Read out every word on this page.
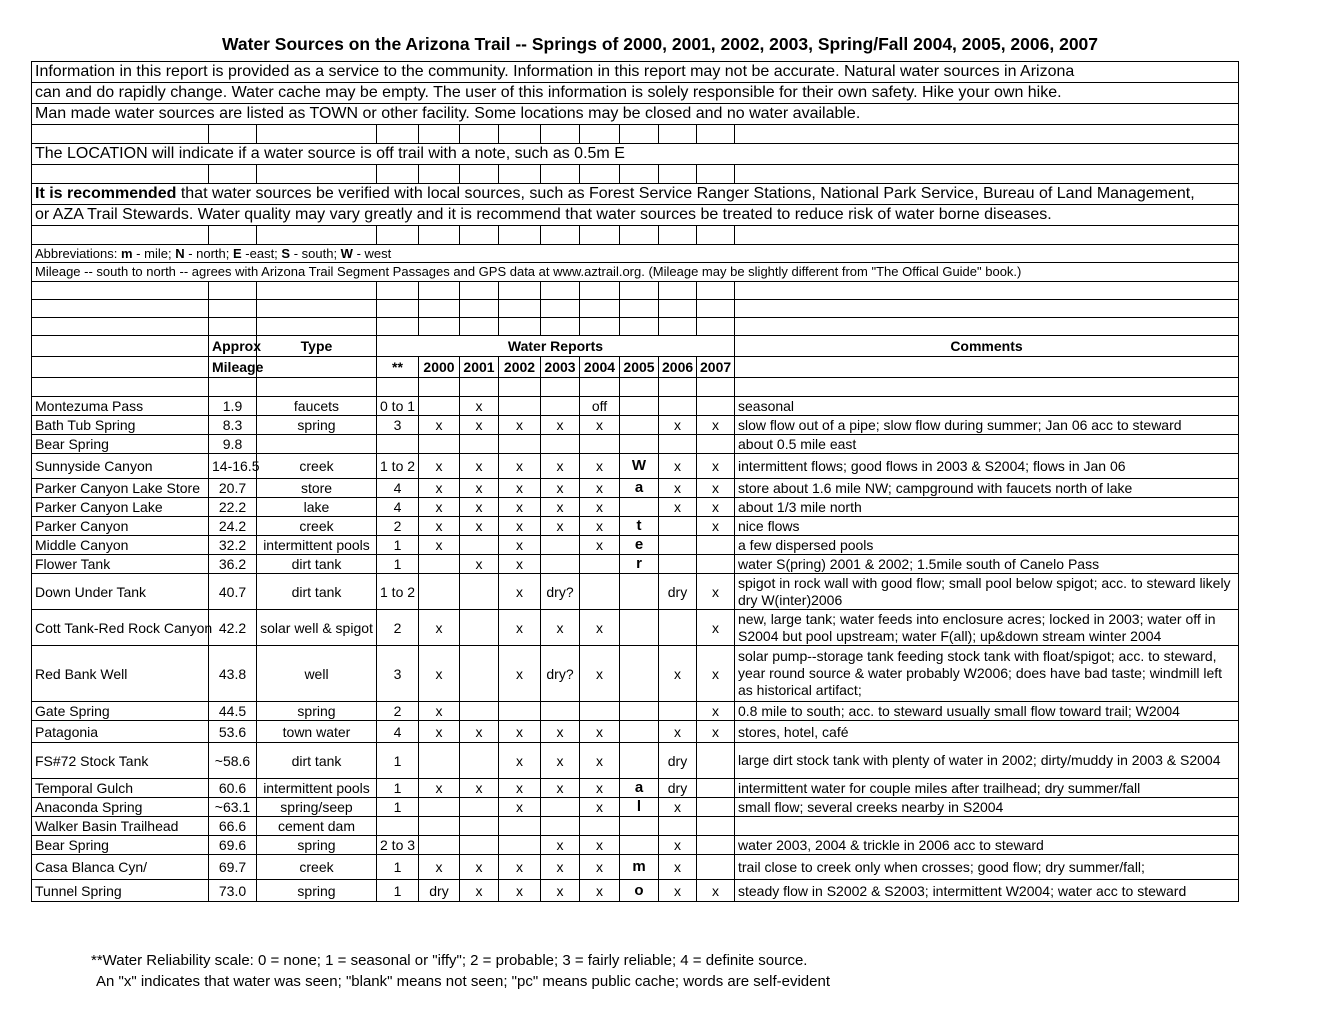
Water Sources on the Arizona Trail -- Springs of 2000, 2001, 2002, 2003, Spring/Fall 2004, 2005, 2006, 2007
Information in this report is provided as a service to the community. Information in this report may not be accurate. Natural water sources in Arizona												
can and do rapidly change. Water cache may be empty. The user of this information is solely responsible for their own safety. Hike your own hike.												
Man made water sources are listed as TOWN or other facility. Some locations may be closed and no water available.												

The LOCATION will indicate if a water source is off trail with a note, such as 0.5m E												

It is recommended that water sources be verified with local sources, such as Forest Service Ranger Stations, National Park Service, Bureau of Land Management,												
or AZA Trail Stewards. Water quality may vary greatly and it is recommend that water sources be treated to reduce risk of water borne diseases.												

Abbreviations: m - mile; N - north; E -east; S - south; W - west												
Mileage -- south to north -- agrees with Arizona Trail Segment Passages and GPS data at www.aztrail.org. (Mileage may be slightly different from "The Offical Guide" book.)												

	Approx	Type	Water Reports									Comments
	Mileage		**	2000	2001	2002	2003	2004	2005	2006	2007	

Montezuma Pass	1.9	faucets	0 to 1		x			off				seasonal
Bath Tub Spring	8.3	spring	3	x	x	x	x	x		x	x	slow flow out of a pipe; slow flow during summer; Jan 06 acc to steward
Bear Spring	9.8											about 0.5 mile east
Sunnyside Canyon	14-16.5	creek	1 to 2	x	x	x	x	x	W	x	x	intermittent flows; good flows in 2003 & S2004; flows in Jan 06
Parker Canyon Lake Store	20.7	store	4	x	x	x	x	x	a	x	x	store about 1.6 mile NW; campground with faucets north of lake
Parker Canyon Lake	22.2	lake	4	x	x	x	x	x		x	x	about 1/3 mile north
Parker Canyon	24.2	creek	2	x	x	x	x	x	t		x	nice flows
Middle Canyon	32.2	intermittent pools	1	x		x		x	e			a few dispersed pools
Flower Tank	36.2	dirt tank	1		x	x			r			water S(pring) 2001 & 2002; 1.5mile south of Canelo Pass
Down Under Tank	40.7	dirt tank	1 to 2			x	dry?			dry	x	spigot in rock wall with good flow; small pool below spigot; acc. to steward likely dry W(inter)2006
Cott Tank-Red Rock Canyon	42.2	solar well & spigot	2	x		x	x	x			x	new, large tank; water feeds into enclosure acres; locked in 2003; water off in S2004 but pool upstream; water F(all); up&down stream winter 2004
Red Bank Well	43.8	well	3	x		x	dry?	x		x	x	solar pump--storage tank feeding stock tank with float/spigot; acc. to steward, year round source & water probably W2006; does have bad taste; windmill left as historical artifact;
Gate Spring	44.5	spring	2	x							x	0.8 mile to south; acc. to steward usually small flow toward trail; W2004
Patagonia	53.6	town water	4	x	x	x	x	x		x	x	stores, hotel, café
FS#72 Stock Tank	~58.6	dirt tank	1			x	x	x		dry		large dirt stock tank with plenty of water in 2002; dirty/muddy in 2003 & S2004
Temporal Gulch	60.6	intermittent pools	1	x	x	x	x	x	a	dry		intermittent water for couple miles after trailhead; dry summer/fall
Anaconda Spring	~63.1	spring/seep	1			x		x	l	x		small flow; several creeks nearby in S2004
Walker Basin Trailhead	66.6	cement dam										
Bear Spring	69.6	spring	2 to 3				x	x		x		water 2003, 2004 & trickle in 2006 acc to steward
Casa Blanca Cyn/	69.7	creek	1	x	x	x	x	x	m	x		trail close to creek only when crosses; good flow; dry summer/fall;
Tunnel Spring	73.0	spring	1	dry	x	x	x	x	o	x	x	steady flow in S2002 & S2003; intermittent W2004; water acc to steward
**Water Reliability scale: 0 = none; 1 = seasonal or "iffy"; 2 = probable; 3 = fairly reliable; 4 = definite source.
An "x" indicates that water was seen; "blank" means not seen; "pc" means public cache; words are self-evident
